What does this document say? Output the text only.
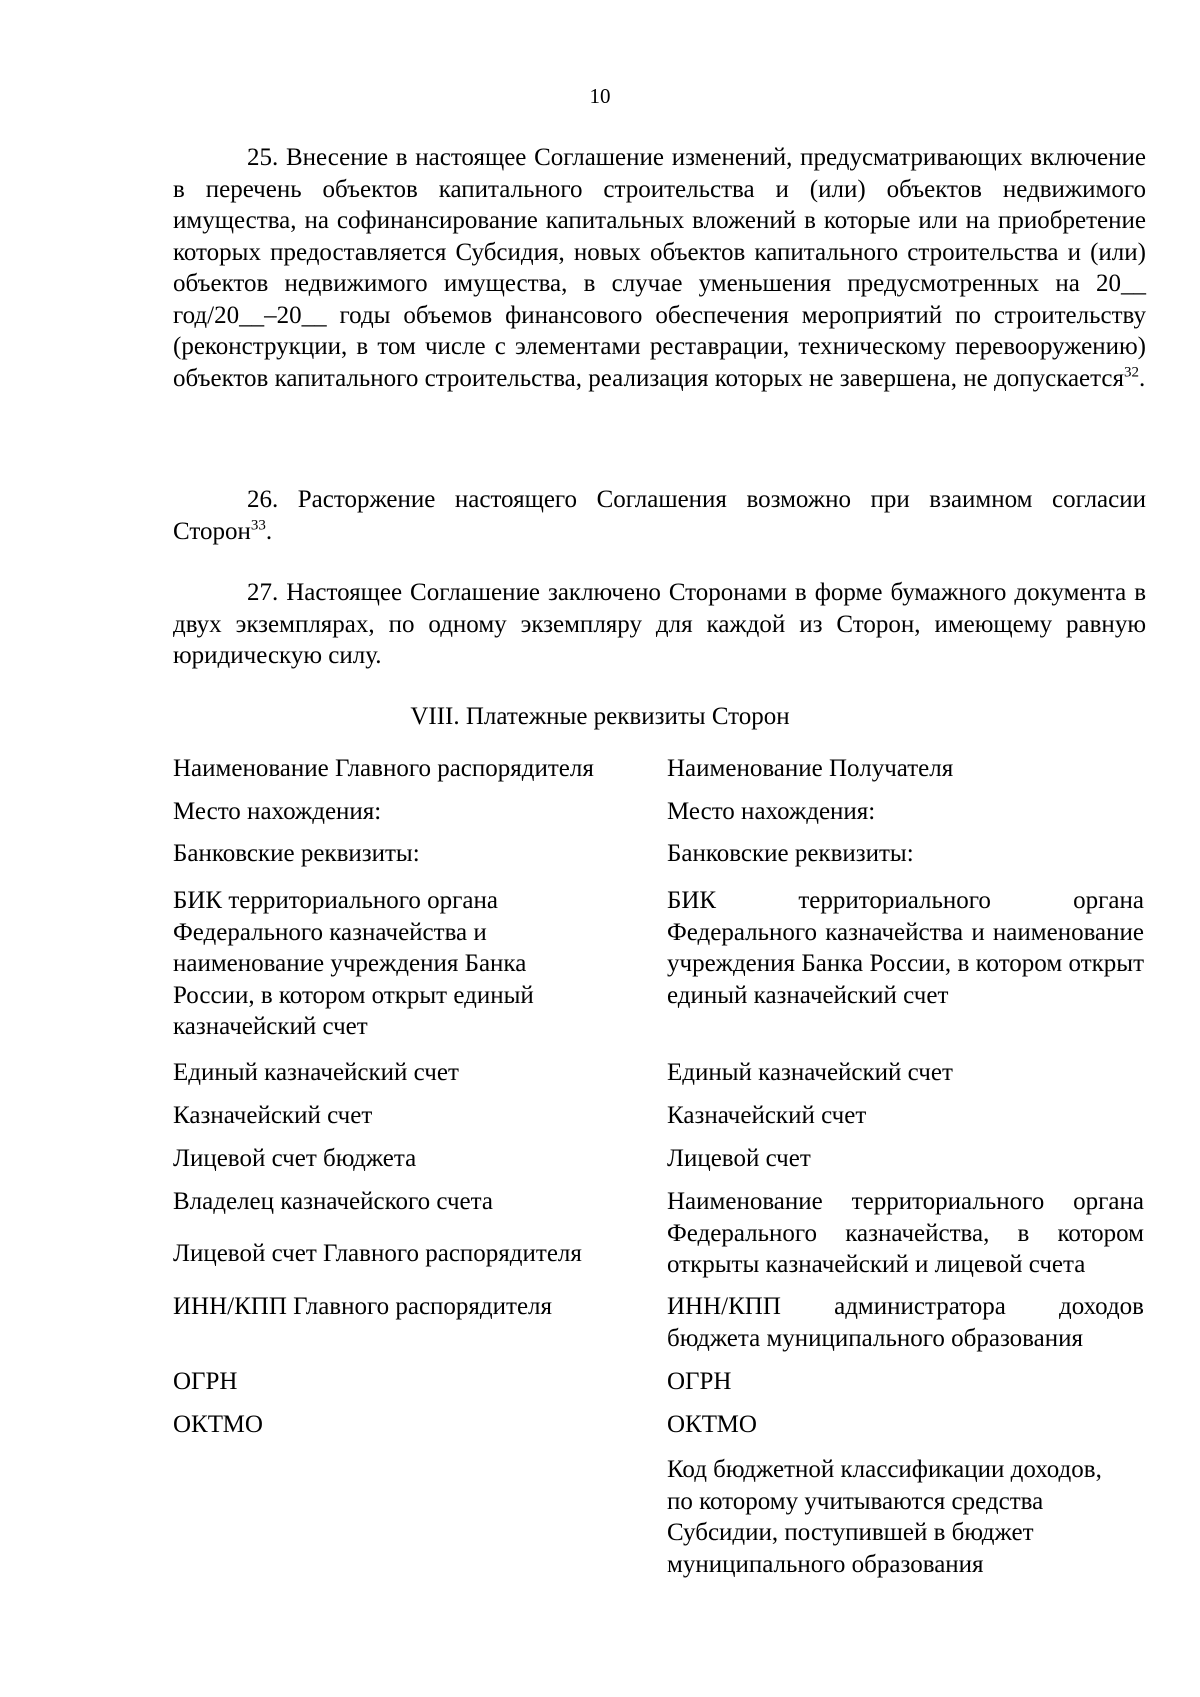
10

25. Внесение в настоящее Соглашение изменений, предусматривающих включение в перечень объектов капитального строительства и (или) объектов недвижимого имущества, на софинансирование капитальных вложений в которые или на приобретение которых предоставляется Субсидия, новых объектов капитального строительства и (или) объектов недвижимого имущества, в случае уменьшения предусмотренных на 20__ год/20__–20__ годы объемов финансового обеспечения мероприятий по строительству (реконструкции, в том числе с элементами реставрации, техническому перевооружению) объектов капитального строительства, реализация которых не завершена, не допускается$^{32}$.

26. Расторжение настоящего Соглашения возможно при взаимном согласии Сторон$^{33}$.

27. Настоящее Соглашение заключено Сторонами в форме бумажного документа в двух экземплярах, по одному экземпляру для каждой из Сторон, имеющему равную юридическую силу.

VIII. Платежные реквизиты Сторон
Наименование Главного распорядителя
Место нахождения:
Банковские реквизиты:
БИК территориального органа Федерального казначейства и наименование учреждения Банка России, в котором открыт единый казначейский счет
Единый казначейский счет
Казначейский счет
Лицевой счет бюджета
Владелец казначейского счета
Лицевой счет Главного распорядителя
ИНН/КПП Главного распорядителя
ОГРН
ОКТМО
Наименование Получателя
Место нахождения:
Банковские реквизиты:
БИК территориального органа Федерального казначейства и наименование учреждения Банка России, в котором открыт единый казначейский счет
Единый казначейский счет
Казначейский счет
Лицевой счет
Наименование территориального органа Федерального казначейства, в котором открыты казначейский и лицевой счета
ИНН/КПП администратора доходов бюджета муниципального образования
ОГРН
ОКТМО
Код бюджетной классификации доходов, по которому учитываются средства Субсидии, поступившей в бюджет муниципального образования
